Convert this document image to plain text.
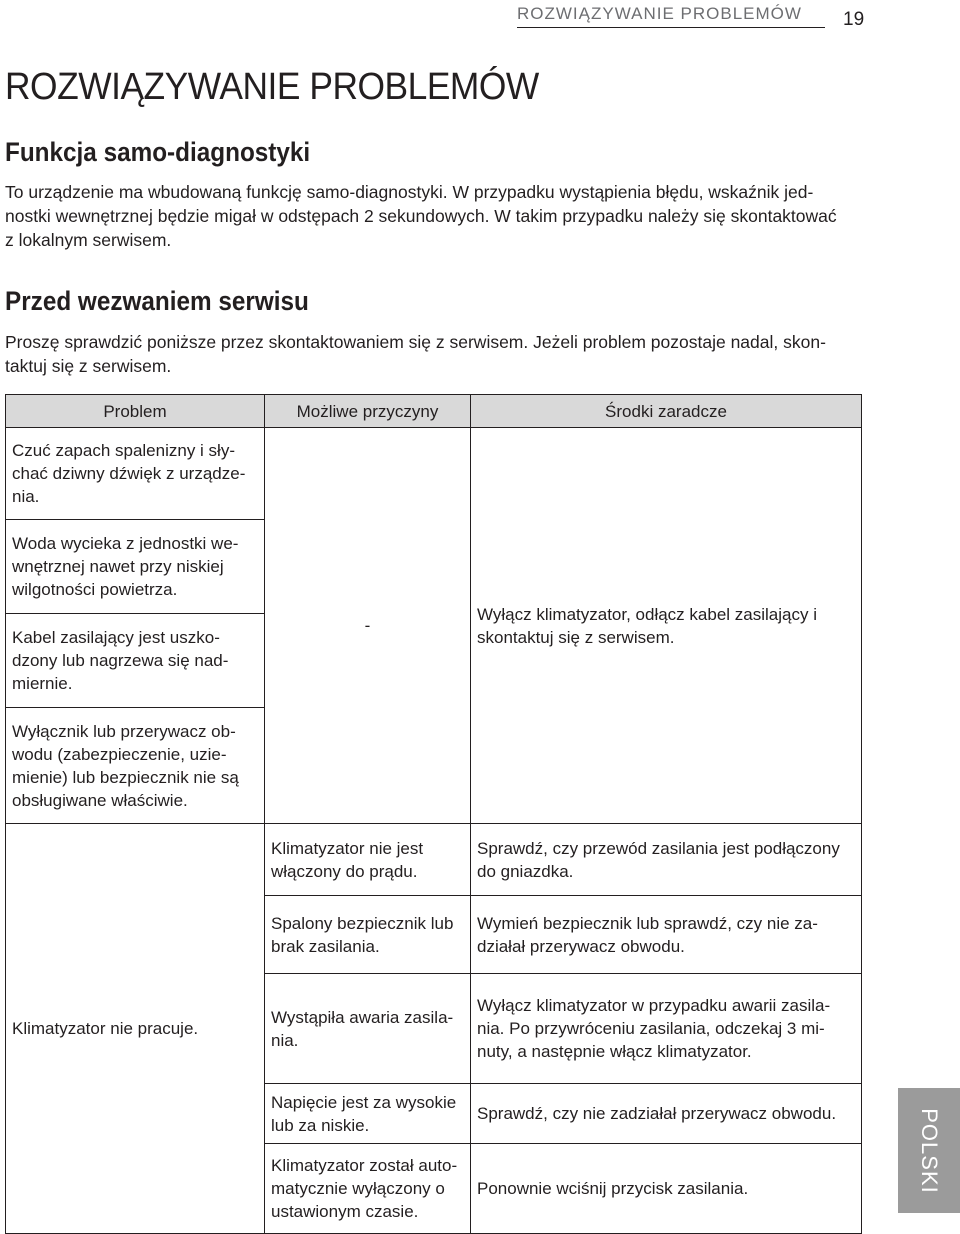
ROZWIĄZYWANIE PROBLEMÓW 19
ROZWIĄZYWANIE PROBLEMÓW
Funkcja samo-diagnostyki
To urządzenie ma wbudowaną funkcję samo-diagnostyki. W przypadku wystąpienia błędu, wskaźnik jed-
nostki wewnętrznej będzie migał w odstępach 2 sekundowych. W takim przypadku należy się skontaktować
z lokalnym serwisem.
Przed wezwaniem serwisu
Proszę sprawdzić poniższe przez skontaktowaniem się z serwisem. Jeżeli problem pozostaje nadal, skon-
taktuj się z serwisem.
Problem	Możliwe przyczyny	Środki zaradcze
Czuć zapach spalenizny i sły- chać dziwny dźwięk z urządze- nia.	-	Wyłącz klimatyzator, odłącz kabel zasilający i skontaktuj się z serwisem.
Woda wycieka z jednostki we- wnętrznej nawet przy niskiej wilgotności powietrza.		
Kabel zasilający jest uszko- dzony lub nagrzewa się nad- miernie.		
Wyłącznik lub przerywacz ob- wodu (zabezpieczenie, uzie- mienie) lub bezpiecznik nie są obsługiwane właściwie.		
Klimatyzator nie pracuje.	Klimatyzator nie jest włączony do prądu.	Sprawdź, czy przewód zasilania jest podłączony do gniazdka.
	Spalony bezpiecznik lub brak zasilania.	Wymień bezpiecznik lub sprawdź, czy nie za- działał przerywacz obwodu.
	Wystąpiła awaria zasila- nia.	Wyłącz klimatyzator w przypadku awarii zasila- nia. Po przywróceniu zasilania, odczekaj 3 mi- nuty, a następnie włącz klimatyzator.
	Napięcie jest za wysokie lub za niskie.	Sprawdź, czy nie zadziałał przerywacz obwodu.
	Klimatyzator został auto- matycznie wyłączony o ustawionym czasie.	Ponownie wciśnij przycisk zasilania.	POLSKI
